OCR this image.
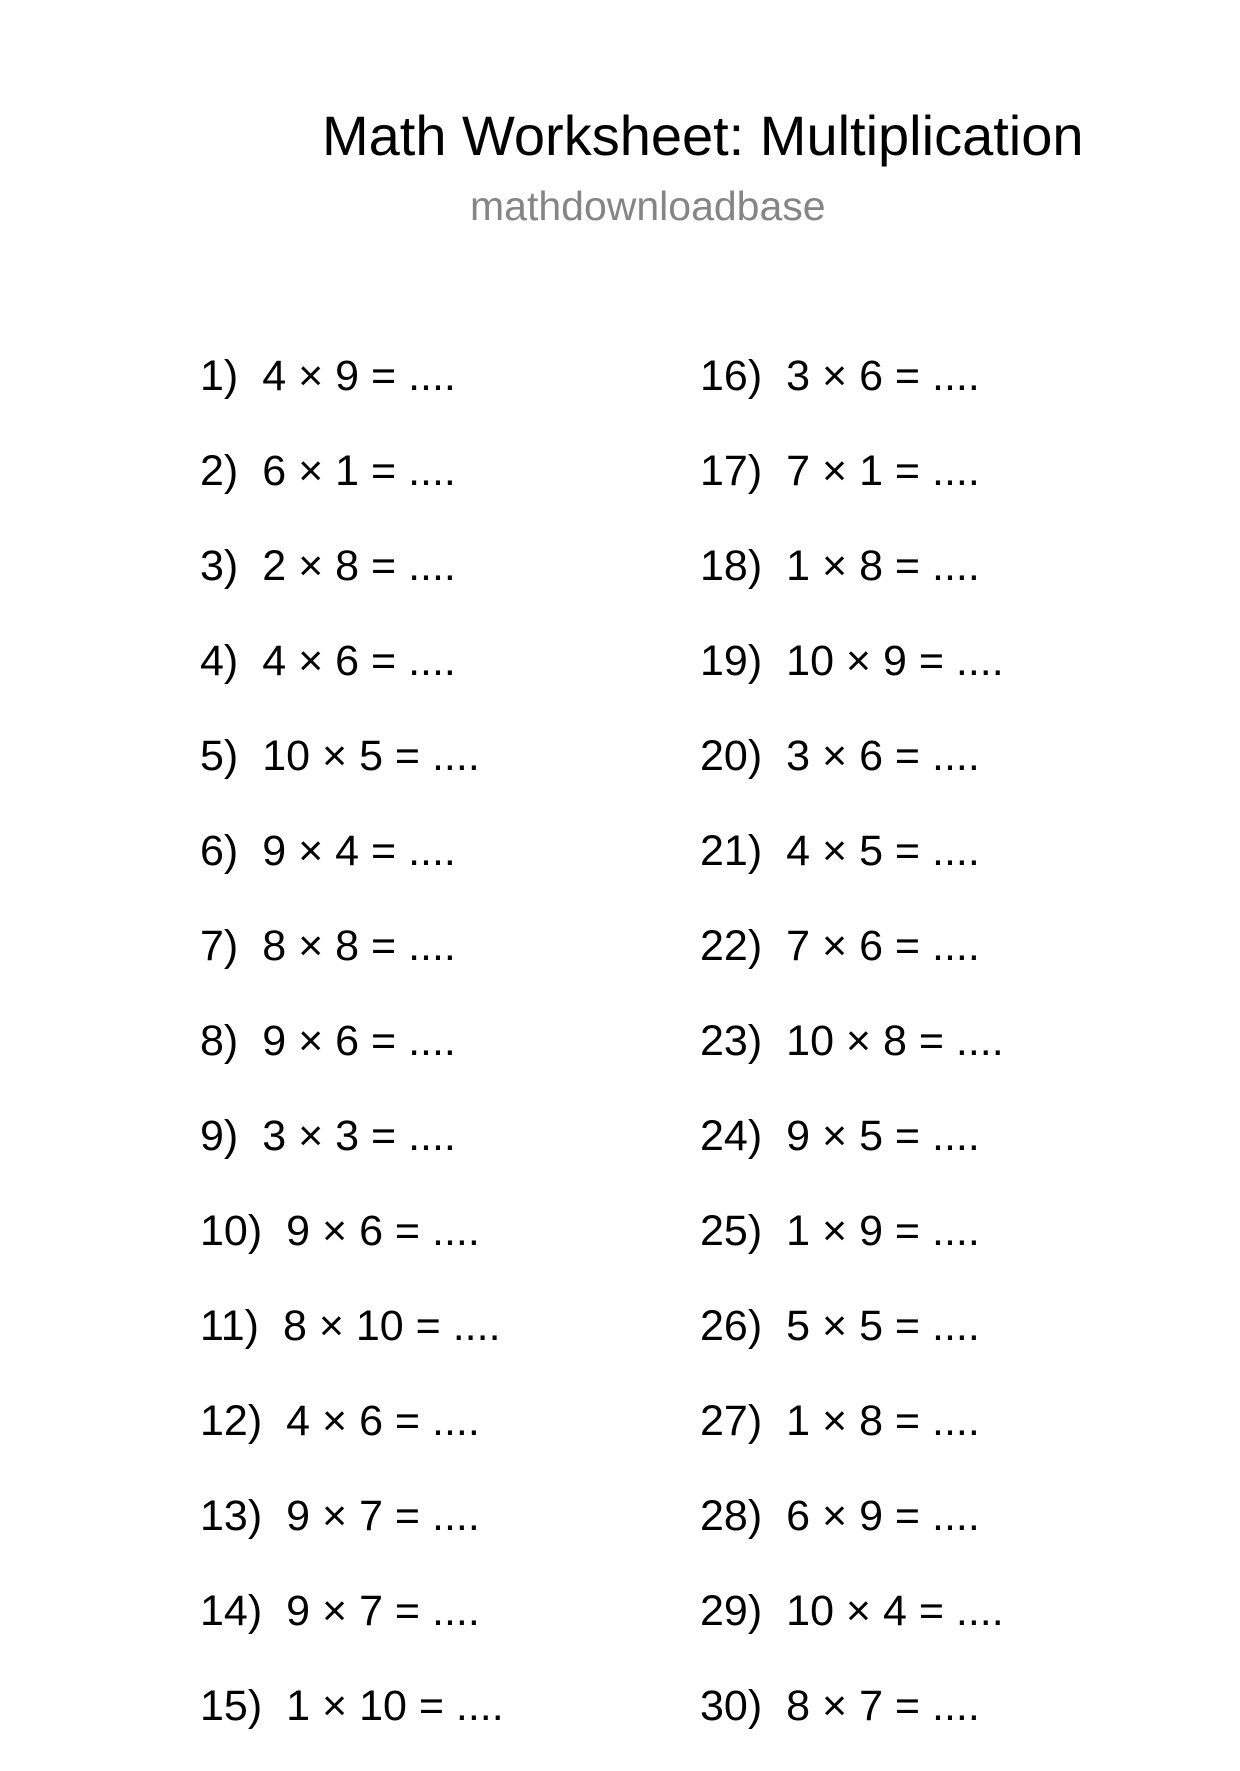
Math Worksheet: Multiplication
mathdownloadbase
1) 4 × 9 = ....
2) 6 × 1 = ....
3) 2 × 8 = ....
4) 4 × 6 = ....
5) 10 × 5 = ....
6) 9 × 4 = ....
7) 8 × 8 = ....
8) 9 × 6 = ....
9) 3 × 3 = ....
10) 9 × 6 = ....
11) 8 × 10 = ....
12) 4 × 6 = ....
13) 9 × 7 = ....
14) 9 × 7 = ....
15) 1 × 10 = ....
16) 3 × 6 = ....
17) 7 × 1 = ....
18) 1 × 8 = ....
19) 10 × 9 = ....
20) 3 × 6 = ....
21) 4 × 5 = ....
22) 7 × 6 = ....
23) 10 × 8 = ....
24) 9 × 5 = ....
25) 1 × 9 = ....
26) 5 × 5 = ....
27) 1 × 8 = ....
28) 6 × 9 = ....
29) 10 × 4 = ....
30) 8 × 7 = ....
